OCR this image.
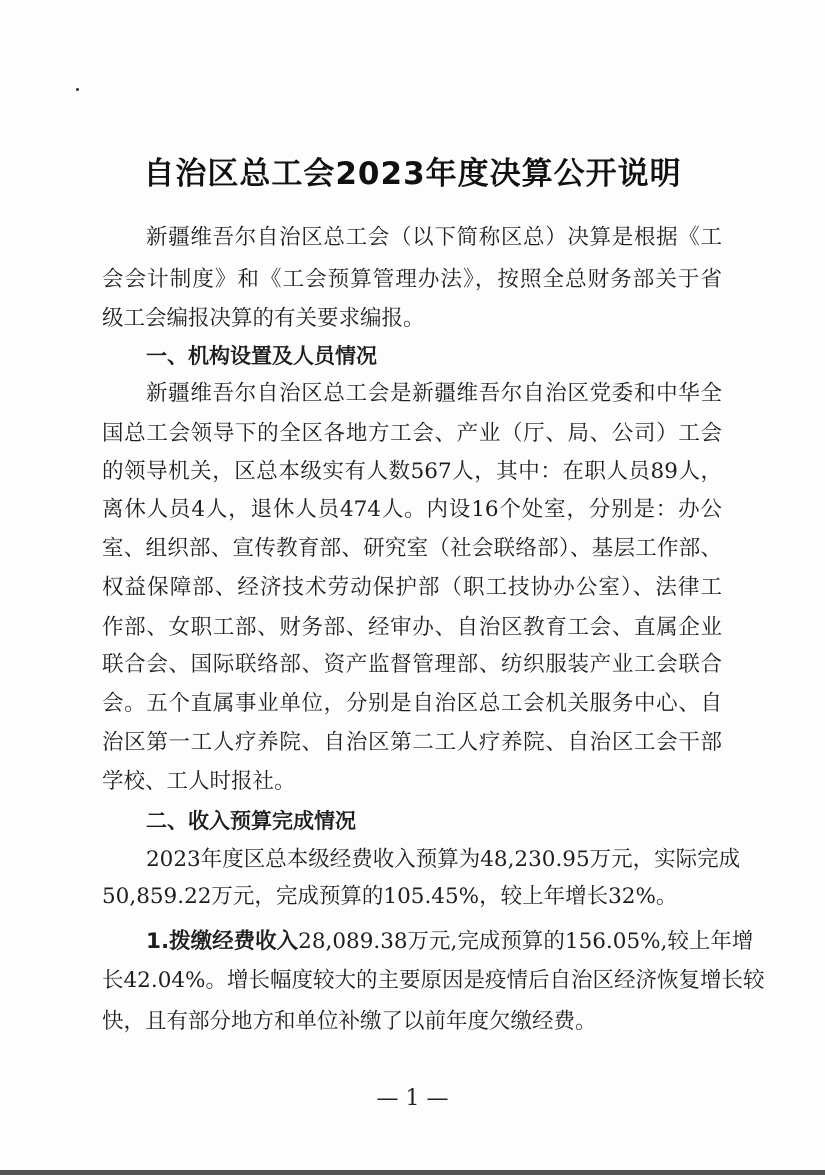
自治区总工会2023年度决算公开说明
新疆维吾尔自治区总工会（以下简称区总）决算是根据《工
会会计制度》和《工会预算管理办法》，按照全总财务部关于省
级工会编报决算的有关要求编报。
一、机构设置及人员情况
新疆维吾尔自治区总工会是新疆维吾尔自治区党委和中华全
国总工会领导下的全区各地方工会、产业（厅、局、公司）工会
的领导机关，区总本级实有人数567人，其中：在职人员89人，
离休人员4人，退休人员474人。内设16个处室，分别是：办公
室、组织部、宣传教育部、研究室（社会联络部）、基层工作部、
权益保障部、经济技术劳动保护部（职工技协办公室）、法律工
作部、女职工部、财务部、经审办、自治区教育工会、直属企业
联合会、国际联络部、资产监督管理部、纺织服装产业工会联合
会。五个直属事业单位，分别是自治区总工会机关服务中心、自
治区第一工人疗养院、自治区第二工人疗养院、自治区工会干部
学校、工人时报社。
二、收入预算完成情况
2023年度区总本级经费收入预算为48,230.95万元，实际完成
50,859.22万元，完成预算的105.45%，较上年增长32%。
1.拨缴经费收入28,089.38万元,完成预算的156.05%,较上年增
长42.04%。增长幅度较大的主要原因是疫情后自治区经济恢复增长较
快，且有部分地方和单位补缴了以前年度欠缴经费。
— 1 —
